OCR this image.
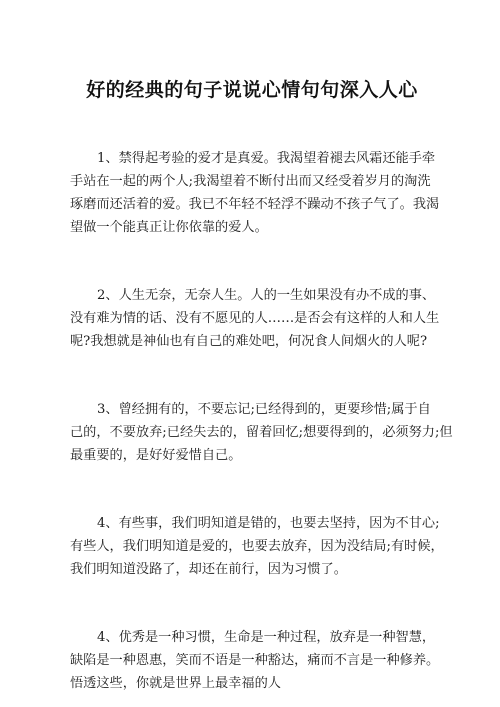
好的经典的句子说说心情句句深入人心
1、禁得起考验的爱才是真爱。我渴望着褪去风霜还能手牵
手站在一起的两个人;我渴望着不断付出而又经受着岁月的淘洗
琢磨而还活着的爱。我已不年轻不轻浮不躁动不孩子气了。我渴
望做一个能真正让你依靠的爱人。
2、人生无奈，无奈人生。人的一生如果没有办不成的事、
没有难为情的话、没有不愿见的人……是否会有这样的人和人生
呢?我想就是神仙也有自己的难处吧，何况食人间烟火的人呢?
3、曾经拥有的，不要忘记;已经得到的，更要珍惜;属于自
己的，不要放弃;已经失去的，留着回忆;想要得到的，必须努力;但
最重要的，是好好爱惜自己。
4、有些事，我们明知道是错的，也要去坚持，因为不甘心;
有些人，我们明知道是爱的，也要去放弃，因为没结局;有时候，
我们明知道没路了，却还在前行，因为习惯了。
4、优秀是一种习惯，生命是一种过程，放弃是一种智慧，
缺陷是一种恩惠，笑而不语是一种豁达，痛而不言是一种修养。
悟透这些，你就是世界上最幸福的人
